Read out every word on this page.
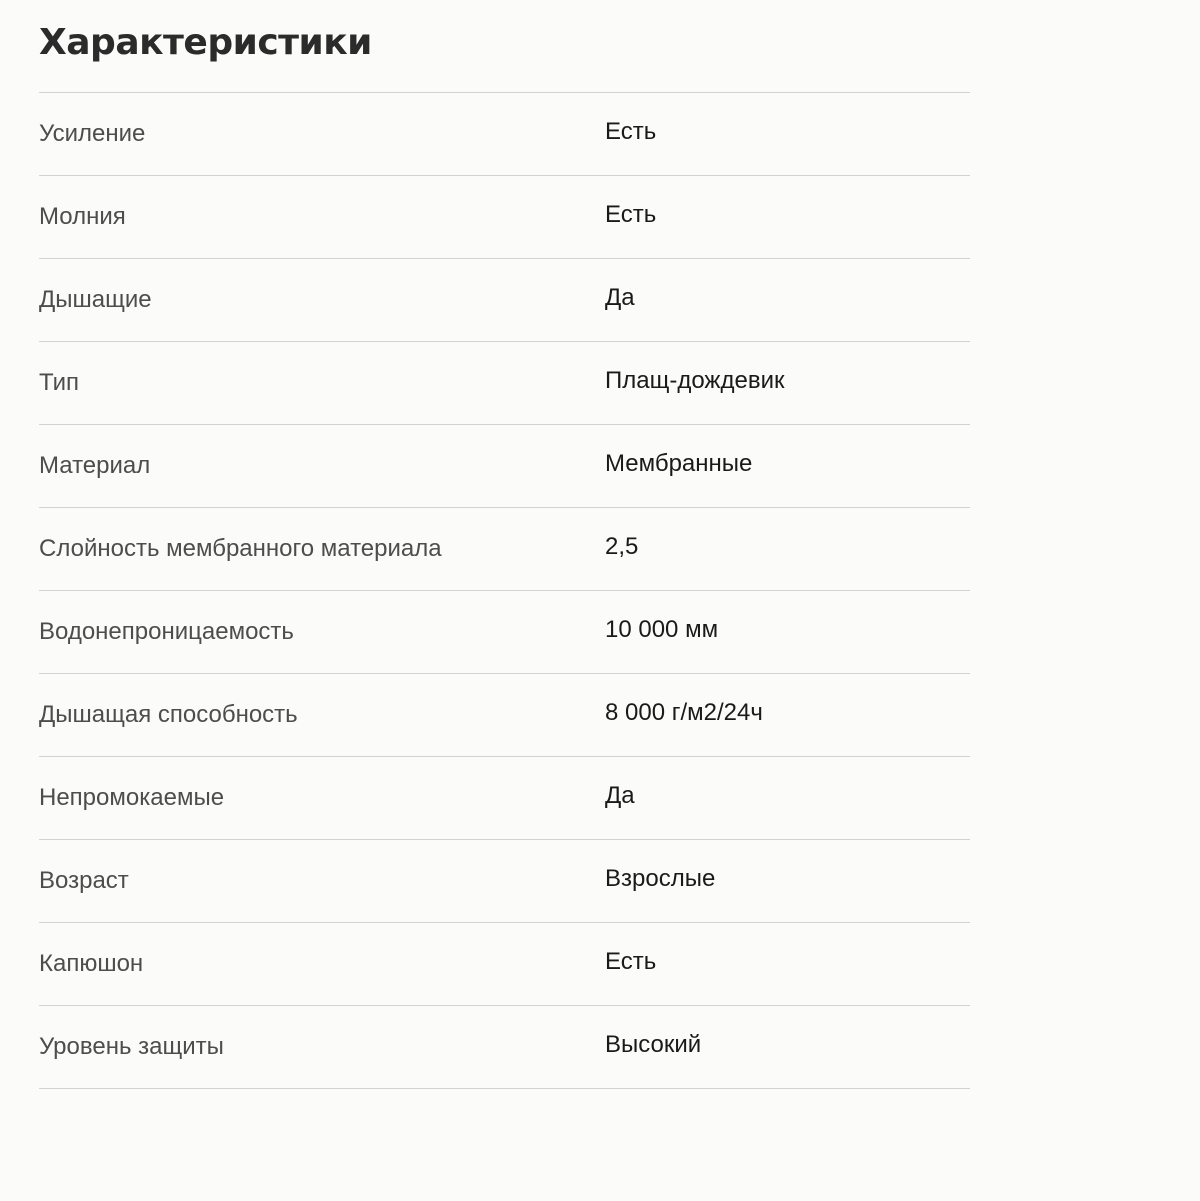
Характеристики
Усиление	Есть
Молния	Есть
Дышащие	Да
Тип	Плащ-дождевик
Материал	Мембранные
Слойность мембранного материала	2,5
Водонепроницаемость	10 000 мм
Дышащая способность	8 000 г/м2/24ч
Непромокаемые	Да
Возраст	Взрослые
Капюшон	Есть
Уровень защиты	Высокий
